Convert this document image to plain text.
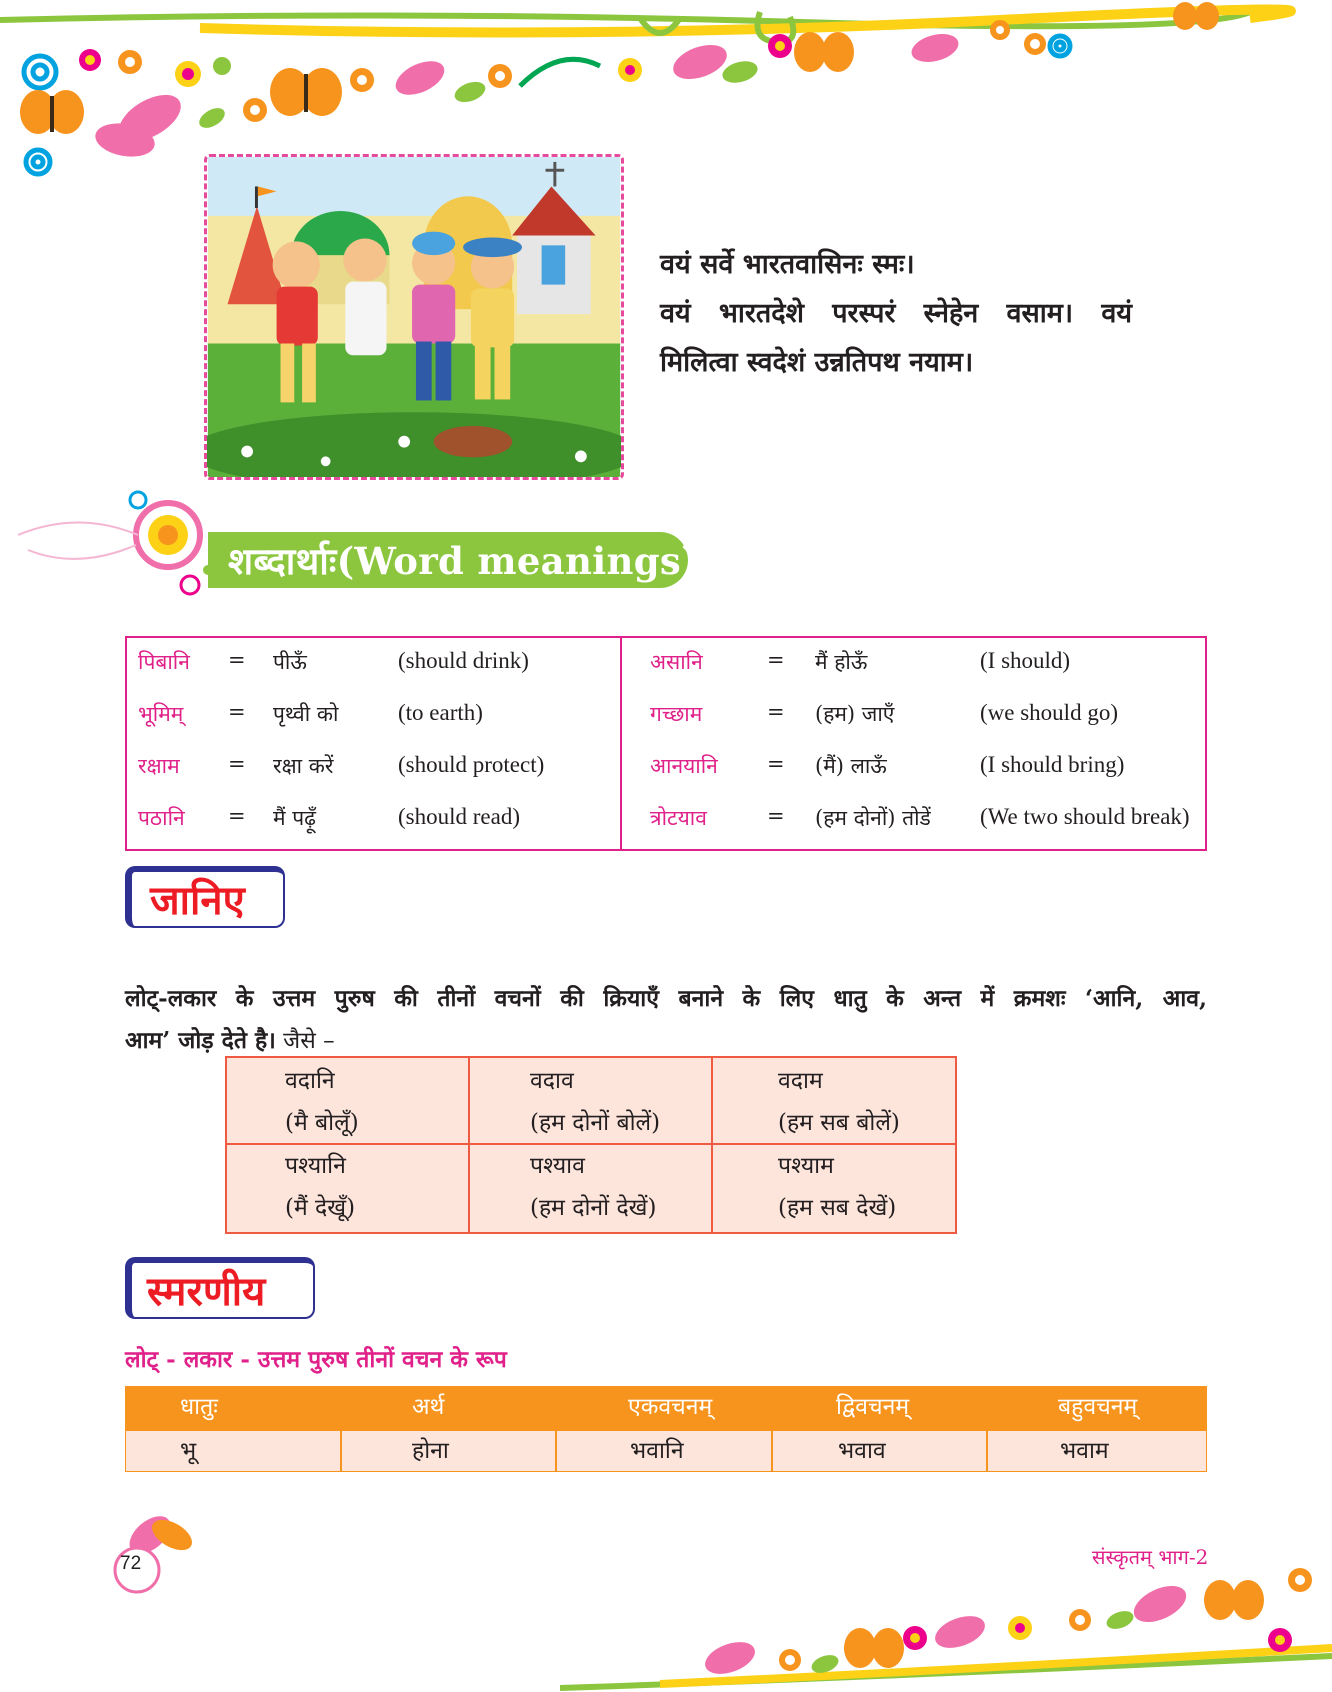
वयं सर्वे भारतवासिनः स्मः।
वयं भारतदेशे परस्परं स्नेहेन वसाम। वयं
मिलित्वा स्वदेशं उन्नतिपथ नयाम।
शब्दार्थाः(Word meanings)
पिबानि = पीऊँ	(should drink)
भूमिम् = पृथ्वी को	(to earth)
रक्षाम = रक्षा करें	(should protect)
पठानि = मैं पढ़ूँ	(should read)
असानि	= मैं होऊँ	(I should)
गच्छाम	= (हम) जाएँ	(we should go)
आनयानि = (मैं) लाऊँ	(I should bring)
त्रोटयाव	= (हम दोनों) तोडें (We two should break)
जानिए
लोट्-लकार के उत्तम पुरुष की तीनों वचनों की क्रियाएँ बनाने के लिए धातु के अन्त में क्रमशः ‘आनि, आव,
आम’ जोड़ देते है। जैसे –
वदानि
(मै बोलूँ)
वदाव
(हम दोनों बोलें)
वदाम
(हम सब बोलें)
पश्यानि
(मैं देखूँ)
पश्याव
(हम दोनों देखें)
पश्याम
(हम सब देखें)
स्मरणीय
लोट् - लकार - उत्तम पुरुष तीनों वचन के रूप
धातुः	अर्थ	एकवचनम्	द्विवचनम्	बहुवचनम्
भू	होना	भवानि	भवाव	भवाम
72	संस्कृतम् भाग-2
